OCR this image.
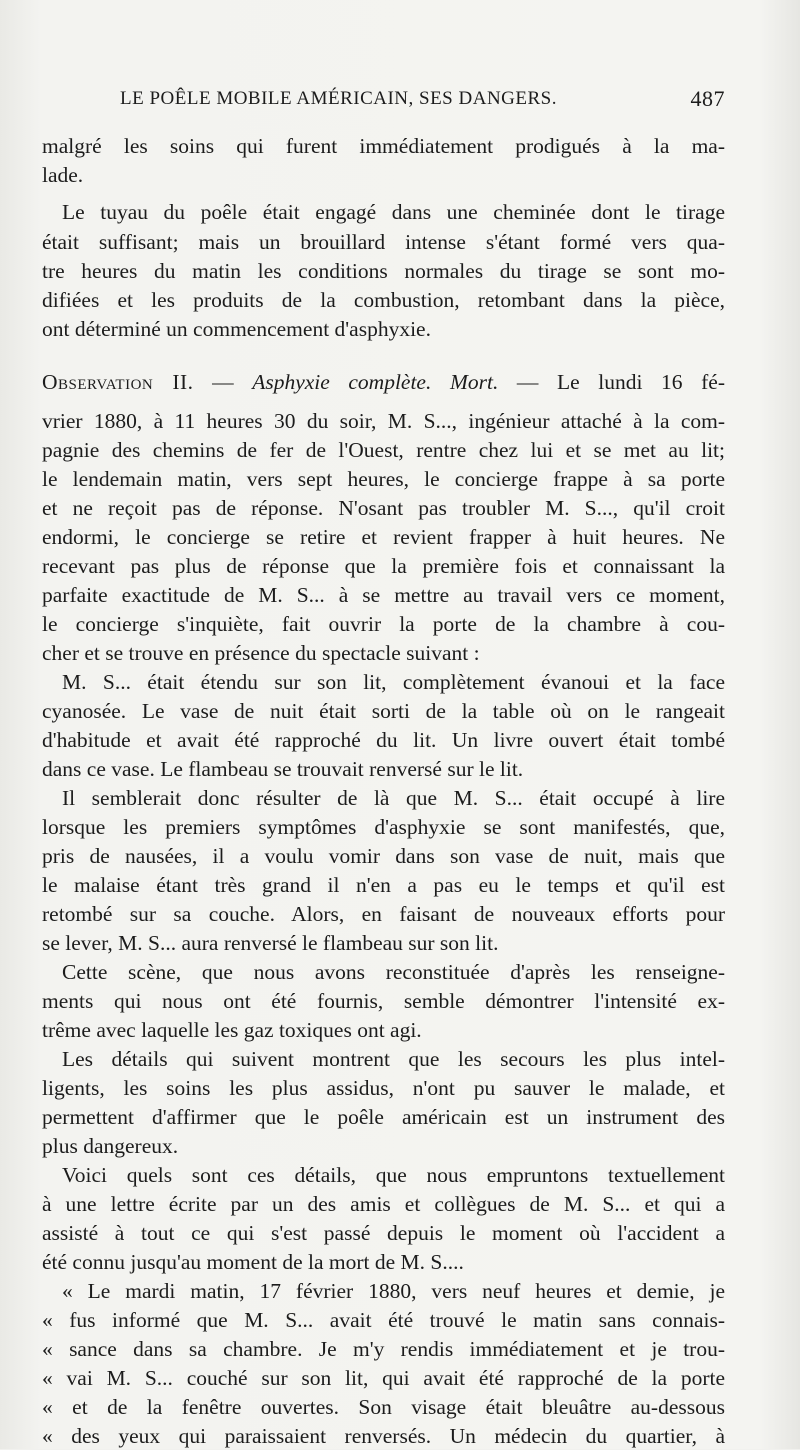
LE POÊLE MOBILE AMÉRICAIN, SES DANGERS.	487
malgré les soins qui furent immédiatement prodigués à la ma-
lade.
Le tuyau du poêle était engagé dans une cheminée dont le tirage
était suffisant; mais un brouillard intense s'étant formé vers qua-
tre heures du matin les conditions normales du tirage se sont mo-
difiées et les produits de la combustion, retombant dans la pièce,
ont déterminé un commencement d'asphyxie.
Observation II. — Asphyxie complète. Mort. — Le lundi 16 fé-
vrier 1880, à 11 heures 30 du soir, M. S..., ingénieur attaché à la com-
pagnie des chemins de fer de l'Ouest, rentre chez lui et se met au lit;
le lendemain matin, vers sept heures, le concierge frappe à sa porte
et ne reçoit pas de réponse. N'osant pas troubler M. S..., qu'il croit
endormi, le concierge se retire et revient frapper à huit heures. Ne
recevant pas plus de réponse que la première fois et connaissant la
parfaite exactitude de M. S... à se mettre au travail vers ce moment,
le concierge s'inquiète, fait ouvrir la porte de la chambre à cou-
cher et se trouve en présence du spectacle suivant :
M. S... était étendu sur son lit, complètement évanoui et la face
cyanosée. Le vase de nuit était sorti de la table où on le rangeait
d'habitude et avait été rapproché du lit. Un livre ouvert était tombé
dans ce vase. Le flambeau se trouvait renversé sur le lit.
Il semblerait donc résulter de là que M. S... était occupé à lire
lorsque les premiers symptômes d'asphyxie se sont manifestés, que,
pris de nausées, il a voulu vomir dans son vase de nuit, mais que
le malaise étant très grand il n'en a pas eu le temps et qu'il est
retombé sur sa couche. Alors, en faisant de nouveaux efforts pour
se lever, M. S... aura renversé le flambeau sur son lit.
Cette scène, que nous avons reconstituée d'après les renseigne-
ments qui nous ont été fournis, semble démontrer l'intensité ex-
trême avec laquelle les gaz toxiques ont agi.
Les détails qui suivent montrent que les secours les plus intel-
ligents, les soins les plus assidus, n'ont pu sauver le malade, et
permettent d'affirmer que le poêle américain est un instrument des
plus dangereux.
Voici quels sont ces détails, que nous empruntons textuellement
à une lettre écrite par un des amis et collègues de M. S... et qui a
assisté à tout ce qui s'est passé depuis le moment où l'accident a
été connu jusqu'au moment de la mort de M. S....
« Le mardi matin, 17 février 1880, vers neuf heures et demie, je
« fus informé que M. S... avait été trouvé le matin sans connais-
« sance dans sa chambre. Je m'y rendis immédiatement et je trou-
« vai M. S... couché sur son lit, qui avait été rapproché de la porte
« et de la fenêtre ouvertes. Son visage était bleuâtre au-dessous
« des yeux qui paraissaient renversés. Un médecin du quartier, à
